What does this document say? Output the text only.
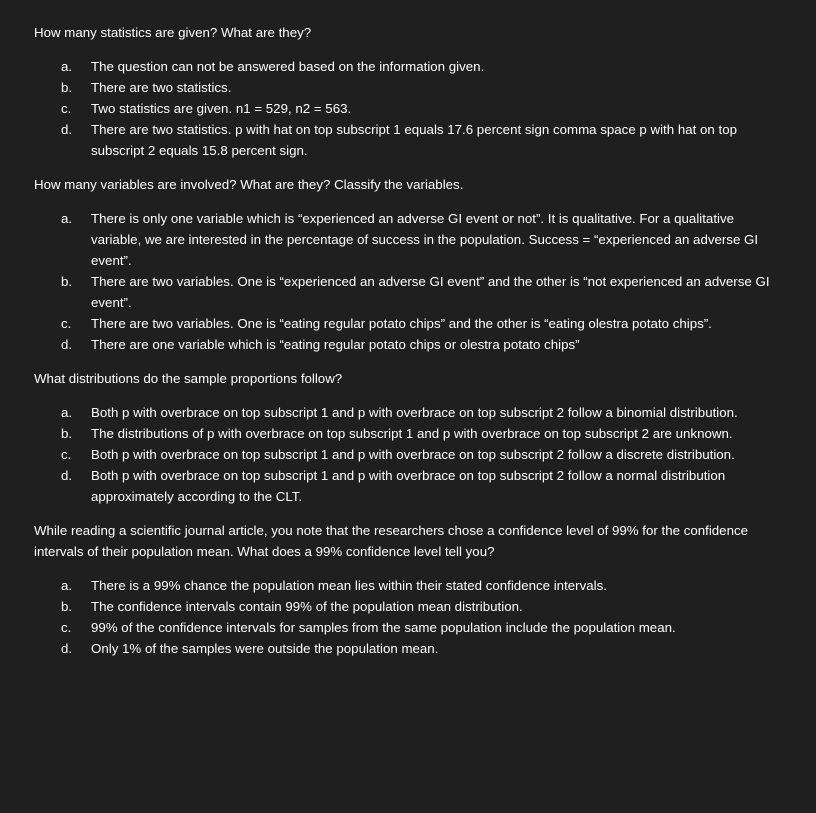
How many statistics are given? What are they?

a.	The question can not be answered based on the information given.
b.	There are two statistics.
c.	Two statistics are given. n1 = 529, n2 = 563.
d.	There are two statistics. p with hat on top subscript 1 equals 17.6 percent sign comma space p with hat on top subscript 2 equals 15.8 percent sign.

How many variables are involved? What are they? Classify the variables.

a.	There is only one variable which is “experienced an adverse GI event or not”. It is qualitative. For a qualitative variable, we are interested in the percentage of success in the population. Success = “experienced an adverse GI event”.
b.	There are two variables. One is “experienced an adverse GI event” and the other is “not experienced an adverse GI event”.
c.	There are two variables. One is “eating regular potato chips” and the other is “eating olestra potato chips”.
d.	There are one variable which is “eating regular potato chips or olestra potato chips”

What distributions do the sample proportions follow?

a.	Both p with overbrace on top subscript 1 and p with overbrace on top subscript 2 follow a binomial distribution.
b.	The distributions of p with overbrace on top subscript 1 and p with overbrace on top subscript 2 are unknown.
c.	Both p with overbrace on top subscript 1 and p with overbrace on top subscript 2 follow a discrete distribution.
d.	Both p with overbrace on top subscript 1 and p with overbrace on top subscript 2 follow a normal distribution approximately according to the CLT.

While reading a scientific journal article, you note that the researchers chose a confidence level of 99% for the confidence intervals of their population mean. What does a 99% confidence level tell you?

a.	There is a 99% chance the population mean lies within their stated confidence intervals.
b.	The confidence intervals contain 99% of the population mean distribution.
c.	99% of the confidence intervals for samples from the same population include the population mean.
d.	Only 1% of the samples were outside the population mean.
